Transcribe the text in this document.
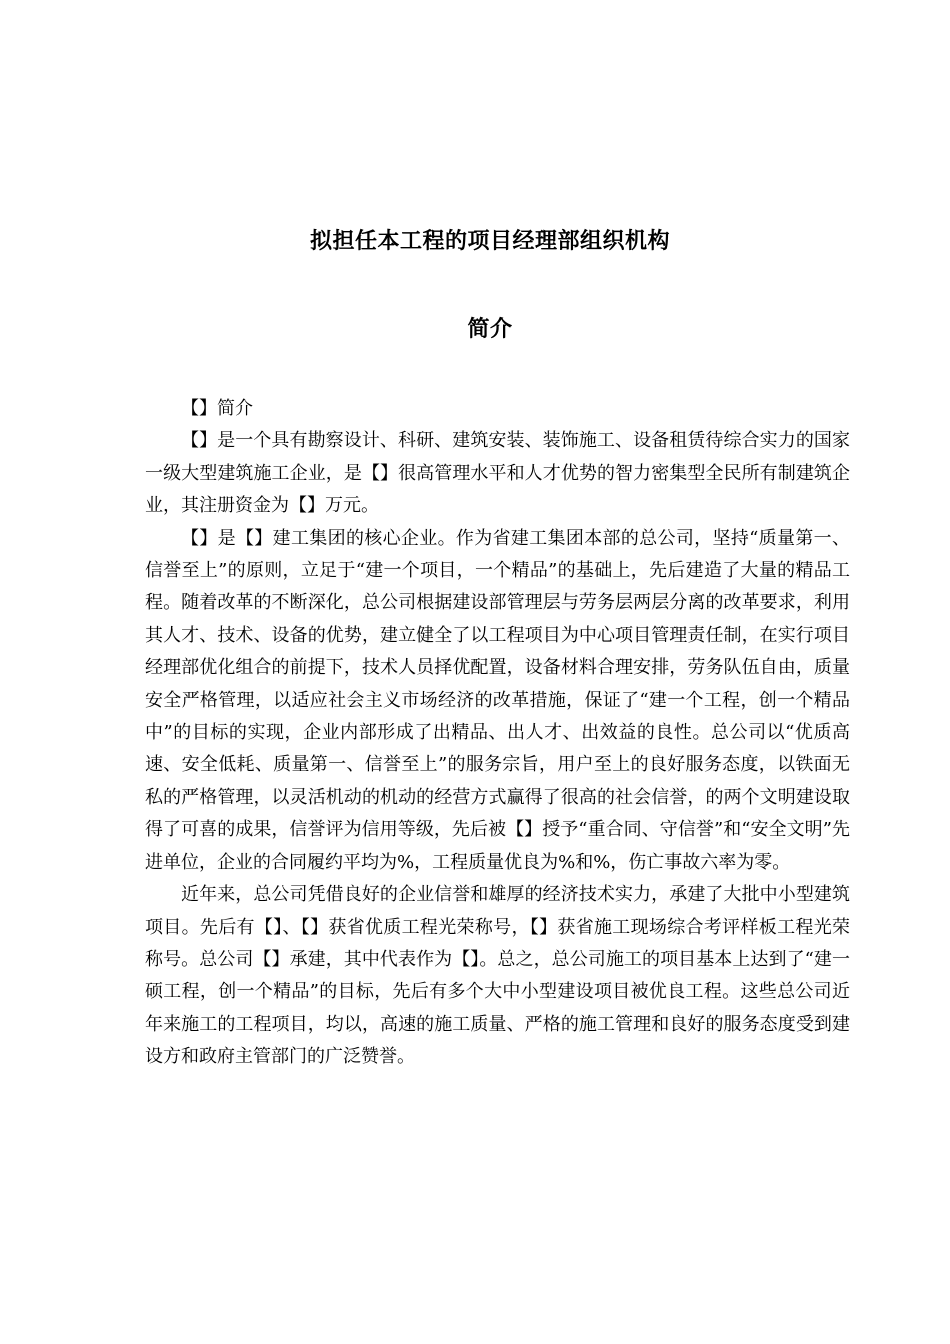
拟担任本工程的项目经理部组织机构
简介

【】简介

【】是一个具有勘察设计、科研、建筑安装、装饰施工、设备租赁待综合实力的国家一级大型建筑施工企业，是【】很高管理水平和人才优势的智力密集型全民所有制建筑企业，其注册资金为【】万元。

【】是【】建工集团的核心企业。作为省建工集团本部的总公司，坚持“质量第一、信誉至上”的原则，立足于“建一个项目，一个精品”的基础上，先后建造了大量的精品工程。随着改革的不断深化，总公司根据建设部管理层与劳务层两层分离的改革要求，利用其人才、技术、设备的优势，建立健全了以工程项目为中心项目管理责任制，在实行项目经理部优化组合的前提下，技术人员择优配置，设备材料合理安排，劳务队伍自由，质量安全严格管理，以适应社会主义市场经济的改革措施，保证了“建一个工程，创一个精品中”的目标的实现，企业内部形成了出精品、出人才、出效益的良性。总公司以“优质高速、安全低耗、质量第一、信誉至上”的服务宗旨，用户至上的良好服务态度，以铁面无私的严格管理，以灵活机动的机动的经营方式赢得了很高的社会信誉，的两个文明建设取得了可喜的成果，信誉评为信用等级，先后被【】授予“重合同、守信誉”和“安全文明”先进单位，企业的合同履约平均为%，工程质量优良为%和%，伤亡事故六率为零。

近年来，总公司凭借良好的企业信誉和雄厚的经济技术实力，承建了大批中小型建筑项目。先后有【】、【】获省优质工程光荣称号，【】获省施工现场综合考评样板工程光荣称号。总公司【】承建，其中代表作为【】。总之，总公司施工的项目基本上达到了“建一硕工程，创一个精品”的目标，先后有多个大中小型建设项目被优良工程。这些总公司近年来施工的工程项目，均以，高速的施工质量、严格的施工管理和良好的服务态度受到建设方和政府主管部门的广泛赞誉。
